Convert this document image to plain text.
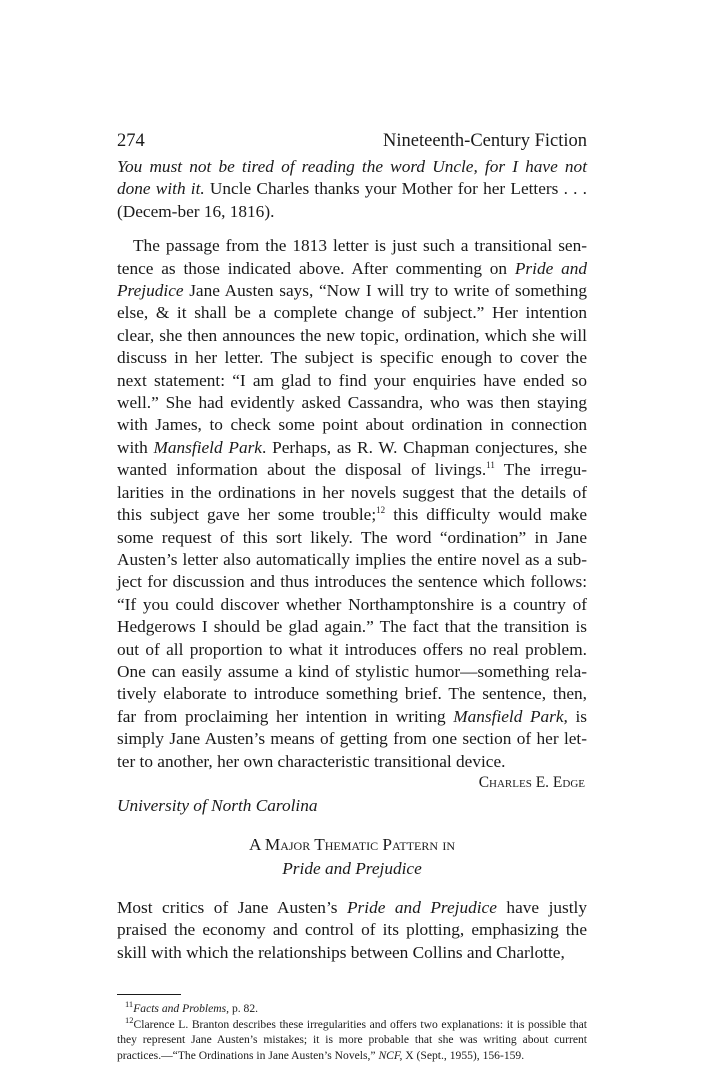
274	Nineteenth-Century Fiction

You must not be tired of reading the word Uncle, for I have not done with it. Uncle Charles thanks your Mother for her Letters . . . (Decem-ber 16, 1816).

The passage from the 1813 letter is just such a transitional sen-tence as those indicated above. After commenting on Pride and Prejudice Jane Austen says, “Now I will try to write of something else, & it shall be a complete change of subject.” Her intention clear, she then announces the new topic, ordination, which she will discuss in her letter. The subject is specific enough to cover the next statement: “I am glad to find your enquiries have ended so well.” She had evidently asked Cassandra, who was then staying with James, to check some point about ordination in connection with Mansfield Park. Perhaps, as R. W. Chapman conjectures, she wanted information about the disposal of livings.$^{11}$ The irregu-larities in the ordinations in her novels suggest that the details of this subject gave her some trouble;$^{12}$ this difficulty would make some request of this sort likely. The word “ordination” in Jane Austen’s letter also automatically implies the entire novel as a sub-ject for discussion and thus introduces the sentence which follows: “If you could discover whether Northamptonshire is a country of Hedgerows I should be glad again.” The fact that the transition is out of all proportion to what it introduces offers no real problem. One can easily assume a kind of stylistic humor—something rela-tively elaborate to introduce something brief. The sentence, then, far from proclaiming her intention in writing Mansfield Park, is simply Jane Austen’s means of getting from one section of her let-ter to another, her own characteristic transitional device.

Charles E. Edge
University of North Carolina
A Major Thematic Pattern in
Pride and Prejudice

Most critics of Jane Austen’s Pride and Prejudice have justly praised the economy and control of its plotting, emphasizing the skill with which the relationships between Collins and Charlotte,

$^{11}$Facts and Problems, p. 82.

$^{12}$Clarence L. Branton describes these irregularities and offers two explanations: it is possible that they represent Jane Austen’s mistakes; it is more probable that she was writing about current practices.—“The Ordinations in Jane Austen’s Novels,” NCF, X (Sept., 1955), 156-159.
